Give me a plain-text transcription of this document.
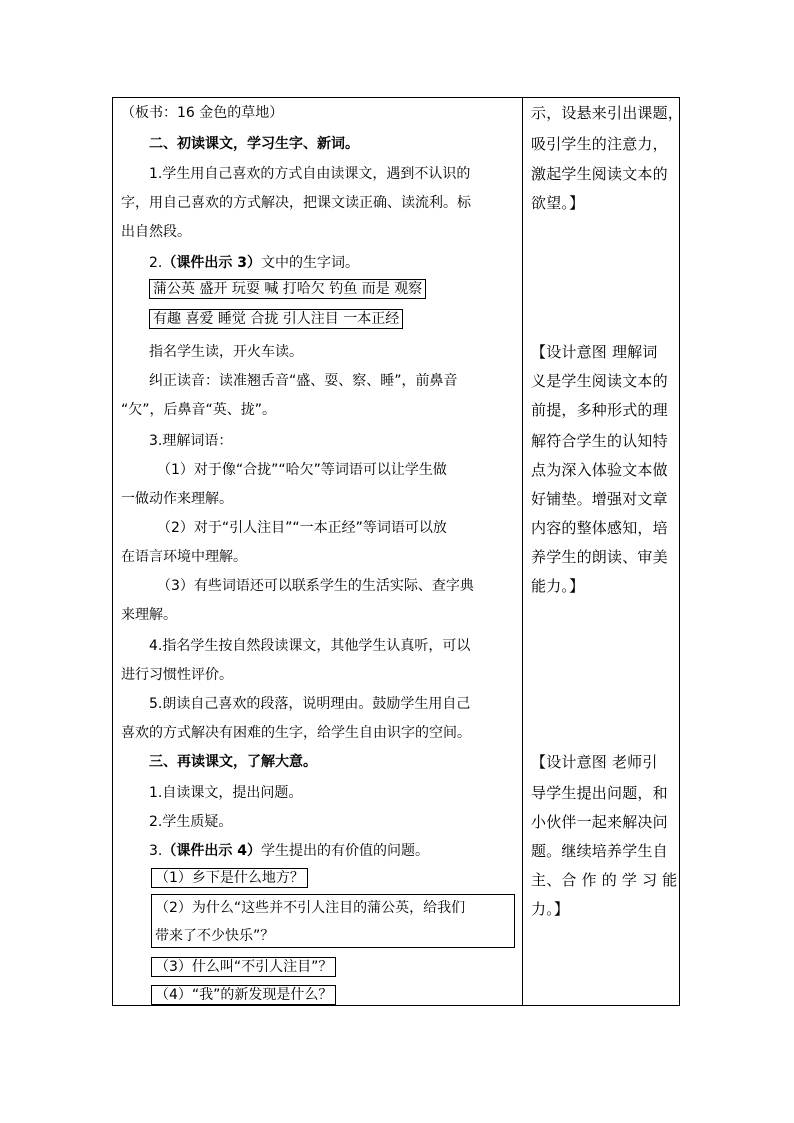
（板书：16 金色的草地）
二、初读课文，学习生字、新词。
1.学生用自己喜欢的方式自由读课文，遇到不认识的
字，用自己喜欢的方式解决，把课文读正确、读流利。标
出自然段。
2.（课件出示 3）文中的生字词。
蒲公英 盛开 玩耍 喊 打哈欠 钓鱼 而是 观察
有趣 喜爱 睡觉 合拢 引人注目 一本正经
指名学生读，开火车读。
纠正读音：读准翘舌音“盛、耍、察、睡”，前鼻音
“欠”，后鼻音“英、拢”。
3.理解词语：
（1）对于像“合拢”“哈欠”等词语可以让学生做
一做动作来理解。
（2）对于“引人注目”“一本正经”等词语可以放
在语言环境中理解。
（3）有些词语还可以联系学生的生活实际、查字典
来理解。
4.指名学生按自然段读课文，其他学生认真听，可以
进行习惯性评价。
5.朗读自己喜欢的段落，说明理由。鼓励学生用自己
喜欢的方式解决有困难的生字，给学生自由识字的空间。
三、再读课文，了解大意。
1.自读课文，提出问题。
2.学生质疑。
3.（课件出示 4）学生提出的有价值的问题。
（1）乡下是什么地方？
（2）为什么“这些并不引人注目的蒲公英，给我们
带来了不少快乐”？
（3）什么叫“不引人注目”？
（4）“我”的新发现是什么？
示，设悬来引出课题，
吸引学生的注意力，
激起学生阅读文本的
欲望。】
【设计意图 理解词
义是学生阅读文本的
前提，多种形式的理
解符合学生的认知特
点为深入体验文本做
好铺垫。增强对文章
内容的整体感知，培
养学生的朗读、审美
能力。】
【设计意图 老师引
导学生提出问题，和
小伙伴一起来解决问
题。继续培养学生自
主、合 作 的 学 习 能
力。】
